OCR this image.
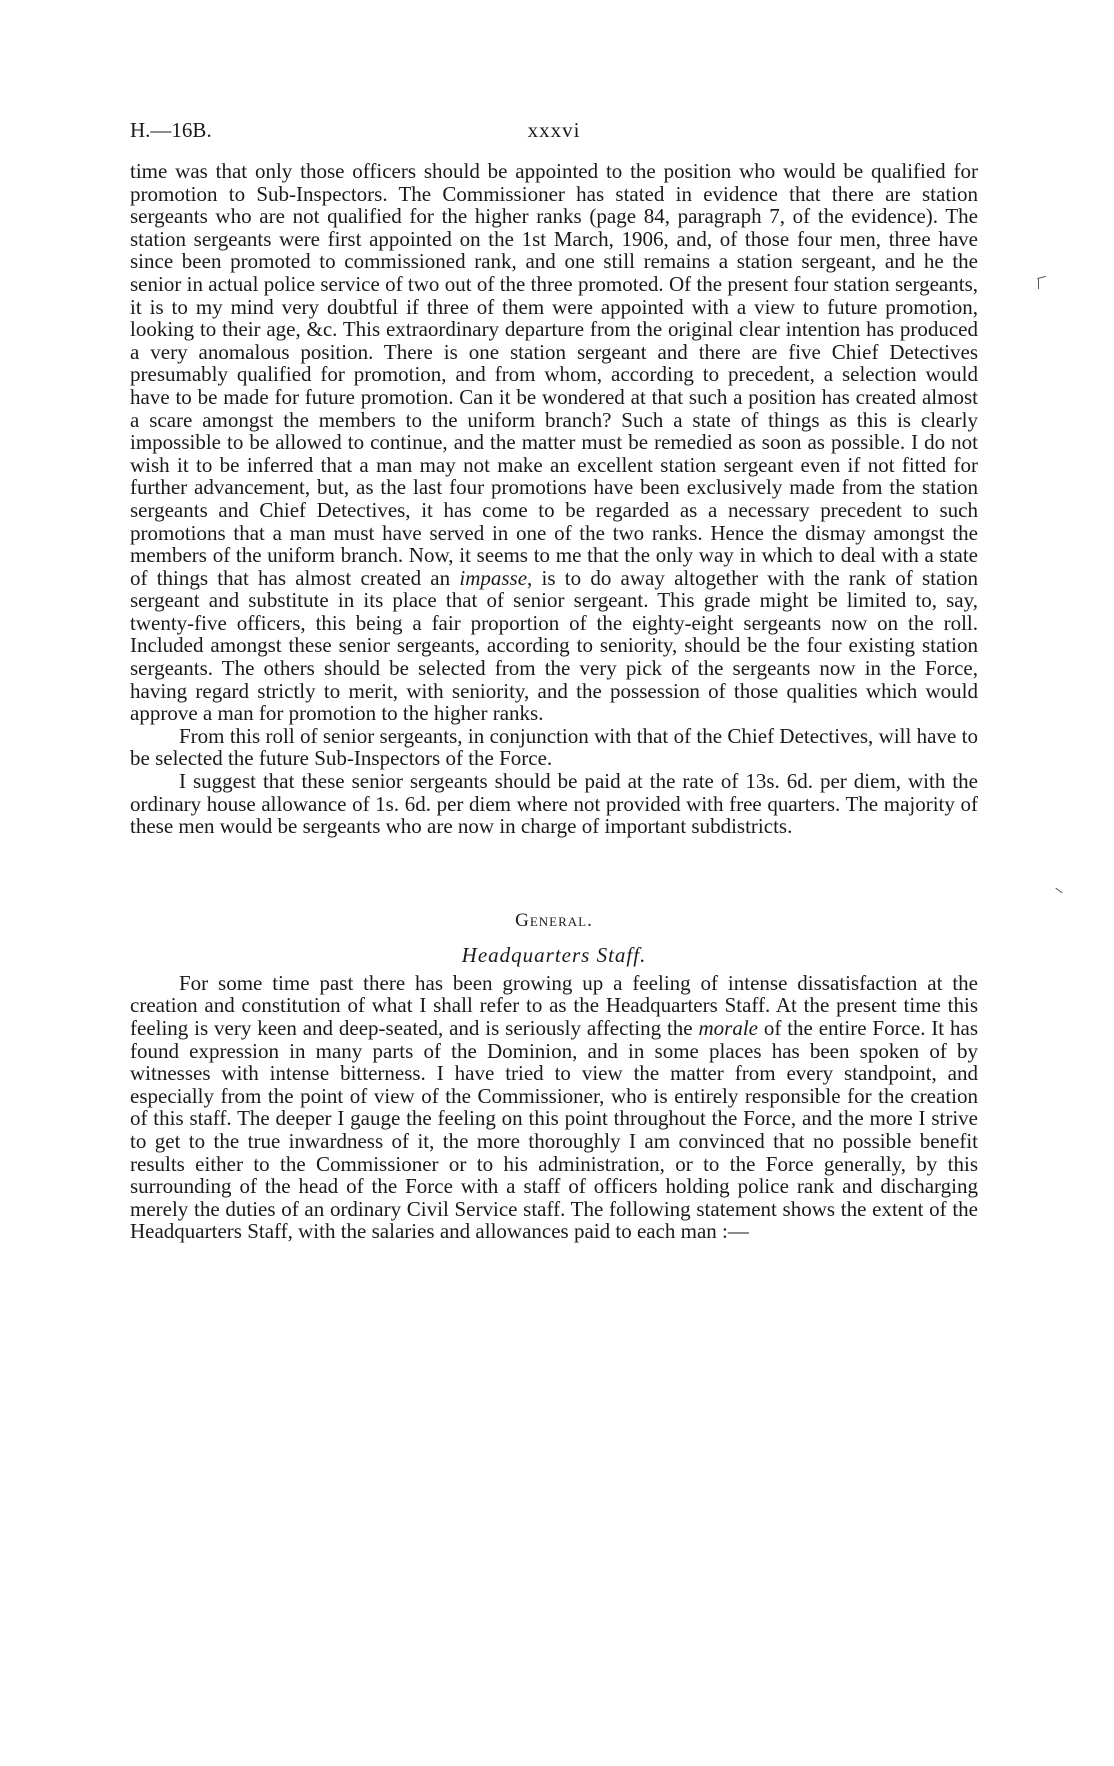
H.—16B.	xxxvi

time was that only those officers should be appointed to the position who would be qualified for promotion to Sub-Inspectors. The Commissioner has stated in evidence that there are station sergeants who are not qualified for the higher ranks (page 84, paragraph 7, of the evidence). The station sergeants were first appointed on the 1st March, 1906, and, of those four men, three have since been promoted to commissioned rank, and one still remains a station sergeant, and he the senior in actual police service of two out of the three promoted. Of the present four station sergeants, it is to my mind very doubtful if three of them were appointed with a view to future promotion, looking to their age, &c. This extraordinary departure from the original clear intention has produced a very anomalous position. There is one station sergeant and there are five Chief Detectives presumably qualified for promotion, and from whom, according to precedent, a selection would have to be made for future promotion. Can it be wondered at that such a position has created almost a scare amongst the members to the uniform branch? Such a state of things as this is clearly impossible to be allowed to continue, and the matter must be remedied as soon as possible. I do not wish it to be inferred that a man may not make an excellent station sergeant even if not fitted for further advancement, but, as the last four promotions have been exclusively made from the station sergeants and Chief Detectives, it has come to be regarded as a necessary precedent to such promotions that a man must have served in one of the two ranks. Hence the dismay amongst the members of the uniform branch. Now, it seems to me that the only way in which to deal with a state of things that has almost created an impasse, is to do away altogether with the rank of station sergeant and substitute in its place that of senior sergeant. This grade might be limited to, say, twenty-five officers, this being a fair proportion of the eighty-eight sergeants now on the roll. Included amongst these senior sergeants, according to seniority, should be the four existing station sergeants. The others should be selected from the very pick of the sergeants now in the Force, having regard strictly to merit, with seniority, and the possession of those qualities which would approve a man for promotion to the higher ranks.

From this roll of senior sergeants, in conjunction with that of the Chief Detectives, will have to be selected the future Sub-Inspectors of the Force.

I suggest that these senior sergeants should be paid at the rate of 13s. 6d. per diem, with the ordinary house allowance of 1s. 6d. per diem where not provided with free quarters. The majority of these men would be sergeants who are now in charge of important subdistricts.

General.
Headquarters Staff.

For some time past there has been growing up a feeling of intense dissatisfaction at the creation and constitution of what I shall refer to as the Headquarters Staff. At the present time this feeling is very keen and deep-seated, and is seriously affecting the morale of the entire Force. It has found expression in many parts of the Dominion, and in some places has been spoken of by witnesses with intense bitterness. I have tried to view the matter from every standpoint, and especially from the point of view of the Commissioner, who is entirely responsible for the creation of this staff. The deeper I gauge the feeling on this point throughout the Force, and the more I strive to get to the true inwardness of it, the more thoroughly I am convinced that no possible benefit results either to the Commissioner or to his administration, or to the Force generally, by this surrounding of the head of the Force with a staff of officers holding police rank and discharging merely the duties of an ordinary Civil Service staff. The following statement shows the extent of the Headquarters Staff, with the salaries and allowances paid to each man :—
